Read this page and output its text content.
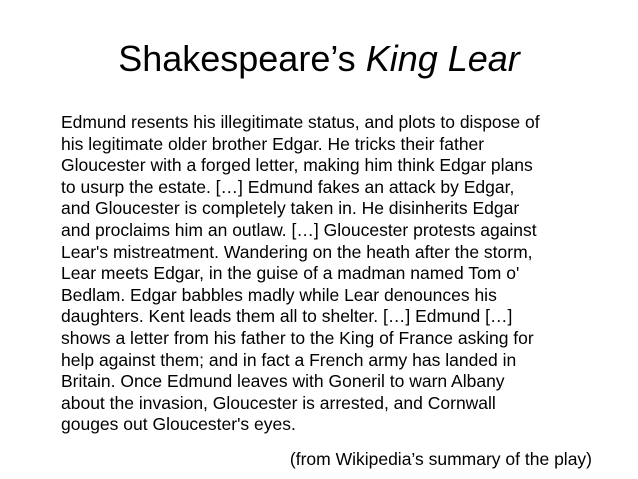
Shakespeare’s King Lear
Edmund resents his illegitimate status, and plots to dispose of
his legitimate older brother Edgar. He tricks their father
Gloucester with a forged letter, making him think Edgar plans
to usurp the estate. […] Edmund fakes an attack by Edgar,
and Gloucester is completely taken in. He disinherits Edgar
and proclaims him an outlaw. […] Gloucester protests against
Lear's mistreatment. Wandering on the heath after the storm,
Lear meets Edgar, in the guise of a madman named Tom o'
Bedlam. Edgar babbles madly while Lear denounces his
daughters. Kent leads them all to shelter. […] Edmund […]
shows a letter from his father to the King of France asking for
help against them; and in fact a French army has landed in
Britain. Once Edmund leaves with Goneril to warn Albany
about the invasion, Gloucester is arrested, and Cornwall
gouges out Gloucester's eyes.
(from Wikipedia’s summary of the play)
